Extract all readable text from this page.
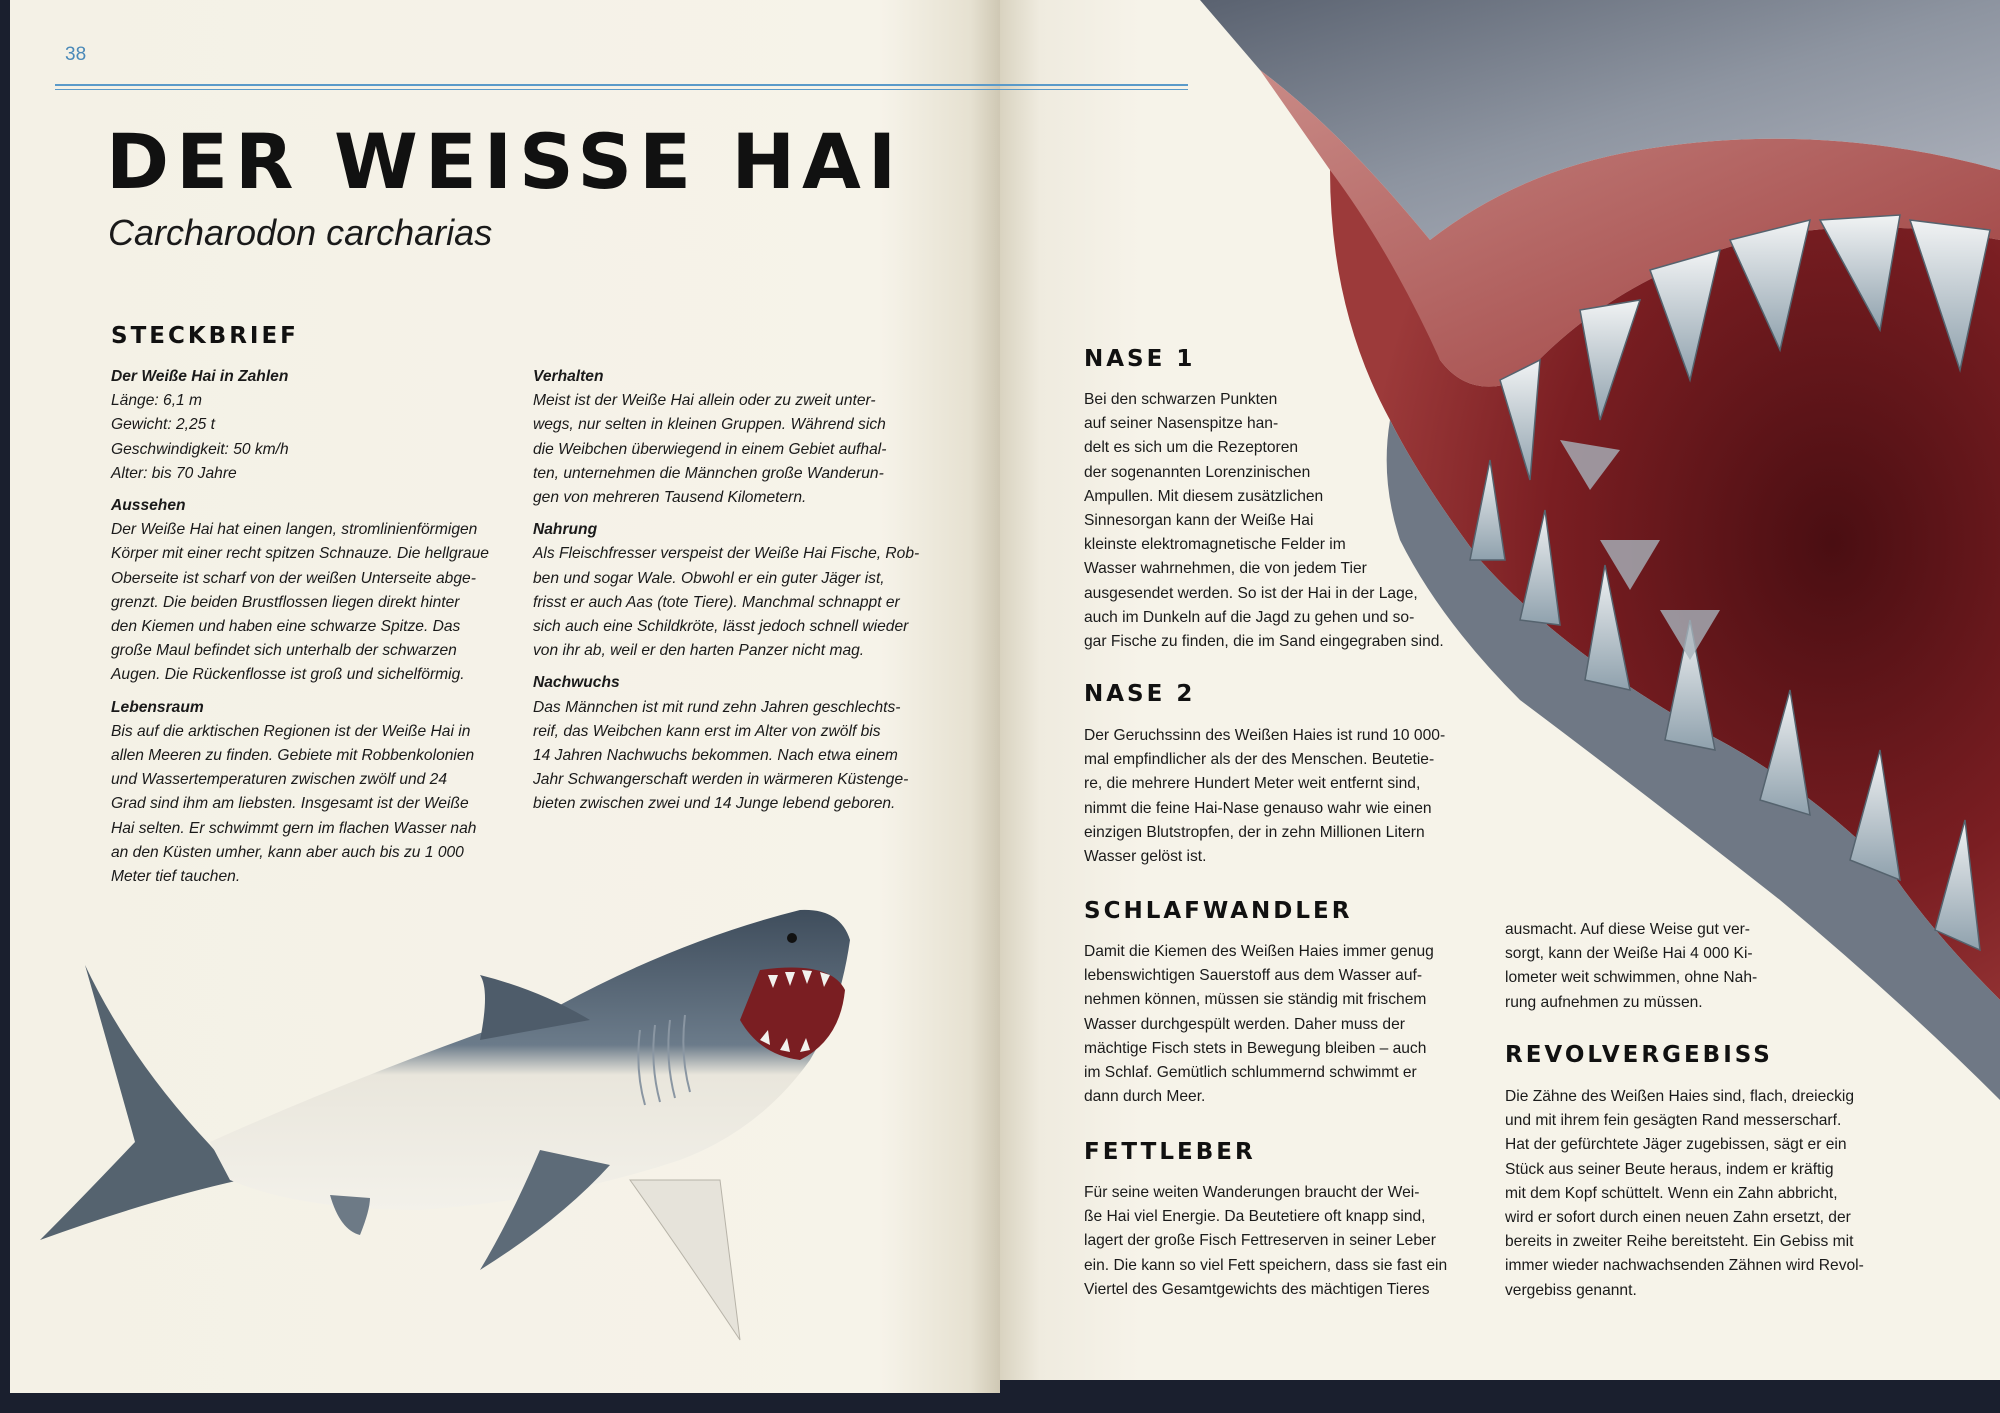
38
NASE 1
Bei den schwarzen Punkten
auf seiner Nasenspitze han-
delt es sich um die Rezeptoren
der sogenannten Lorenzinischen
Ampullen. Mit diesem zusätzlichen
Sinnesorgan kann der Weiße Hai
kleinste elektromagnetische Felder im
Wasser wahrnehmen, die von jedem Tier
ausgesendet werden. So ist der Hai in der Lage,
auch im Dunkeln auf die Jagd zu gehen und so-
gar Fische zu finden, die im Sand eingegraben sind.
NASE 2
Der Geruchssinn des Weißen Haies ist rund 10 000-
mal empfindlicher als der des Menschen. Beutetie-
re, die mehrere Hundert Meter weit entfernt sind,
nimmt die feine Hai-Nase genauso wahr wie einen
einzigen Blutstropfen, der in zehn Millionen Litern
Wasser gelöst ist.
SCHLAFWANDLER
Damit die Kiemen des Weißen Haies immer genug
lebenswichtigen Sauerstoff aus dem Wasser auf-
nehmen können, müssen sie ständig mit frischem
Wasser durchgespült werden. Daher muss der
mächtige Fisch stets in Bewegung bleiben – auch
im Schlaf. Gemütlich schlummernd schwimmt er
dann durch Meer.
FETTLEBER
Für seine weiten Wanderungen braucht der Wei-
ße Hai viel Energie. Da Beutetiere oft knapp sind,
lagert der große Fisch Fettreserven in seiner Leber
ein. Die kann so viel Fett speichern, dass sie fast ein
Viertel des Gesamtgewichts des mächtigen Tieres
ausmacht. Auf diese Weise gut ver-
sorgt, kann der Weiße Hai 4 000 Ki-
lometer weit schwimmen, ohne Nah-
rung aufnehmen zu müssen.
REVOLVERGEBISS
Die Zähne des Weißen Haies sind, flach, dreieckig
und mit ihrem fein gesägten Rand messerscharf.
Hat der gefürchtete Jäger zugebissen, sägt er ein
Stück aus seiner Beute heraus, indem er kräftig
mit dem Kopf schüttelt. Wenn ein Zahn abbricht,
wird er sofort durch einen neuen Zahn ersetzt, der
bereits in zweiter Reihe bereitsteht. Ein Gebiss mit
immer wieder nachwachsenden Zähnen wird Revol-
vergebiss genannt.
DER WEISSE HAI
Carcharodon carcharias
STECKBRIEF
Der Weiße Hai in Zahlen
Länge: 6,1 m
Gewicht: 2,25 t
Geschwindigkeit: 50 km/h
Alter: bis 70 Jahre
Aussehen
Der Weiße Hai hat einen langen, stromlinienförmigen
Körper mit einer recht spitzen Schnauze. Die hellgraue
Oberseite ist scharf von der weißen Unterseite abge-
grenzt. Die beiden Brustflossen liegen direkt hinter
den Kiemen und haben eine schwarze Spitze. Das
große Maul befindet sich unterhalb der schwarzen
Augen. Die Rückenflosse ist groß und sichelförmig.
Lebensraum
Bis auf die arktischen Regionen ist der Weiße Hai in
allen Meeren zu finden. Gebiete mit Robbenkolonien
und Wassertemperaturen zwischen zwölf und 24
Grad sind ihm am liebsten. Insgesamt ist der Weiße
Hai selten. Er schwimmt gern im flachen Wasser nah
an den Küsten umher, kann aber auch bis zu 1 000
Meter tief tauchen.
Verhalten
Meist ist der Weiße Hai allein oder zu zweit unter-
wegs, nur selten in kleinen Gruppen. Während sich
die Weibchen überwiegend in einem Gebiet aufhal-
ten, unternehmen die Männchen große Wanderun-
gen von mehreren Tausend Kilometern.
Nahrung
Als Fleischfresser verspeist der Weiße Hai Fische, Rob-
ben und sogar Wale. Obwohl er ein guter Jäger ist,
frisst er auch Aas (tote Tiere). Manchmal schnappt er
sich auch eine Schildkröte, lässt jedoch schnell wieder
von ihr ab, weil er den harten Panzer nicht mag.
Nachwuchs
Das Männchen ist mit rund zehn Jahren geschlechts-
reif, das Weibchen kann erst im Alter von zwölf bis
14 Jahren Nachwuchs bekommen. Nach etwa einem
Jahr Schwangerschaft werden in wärmeren Küstenge-
bieten zwischen zwei und 14 Junge lebend geboren.
